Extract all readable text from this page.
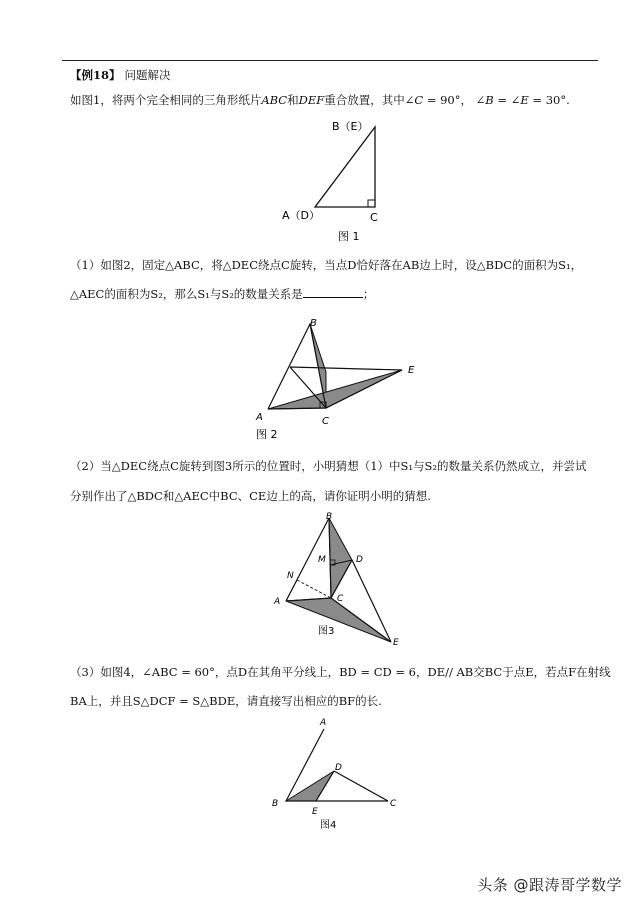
【例18】 问题解决
如图1，将两个完全相同的三角形纸片ABC和DEF重合放置，其中∠C = 90°， ∠B = ∠E = 30°.
B（E）
A（D）	C
图 1
（1）如图2，固定△ABC，将△DEC绕点C旋转，当点D恰好落在AB边上时，设△BDC的面积为S₁，
△AEC的面积为S₂，那么S₁与S₂的数量关系是	；
B
E
A	C
图 2
（2）当△DEC绕点C旋转到图3所示的位置时，小明猜想（1）中S₁与S₂的数量关系仍然成立，并尝试
分别作出了△BDC和△AEC中BC、CE边上的高，请你证明小明的猜想.
B
M	D
N
A	C
E
图3
（3）如图4，∠ABC = 60°，点D在其角平分线上，BD = CD = 6，DE// AB交BC于点E，若点F在射线
BA上，并且S△DCF = S△BDE，请直接写出相应的BF的长.
A
D
B
E
C
图4
头条 @跟涛哥学数学
